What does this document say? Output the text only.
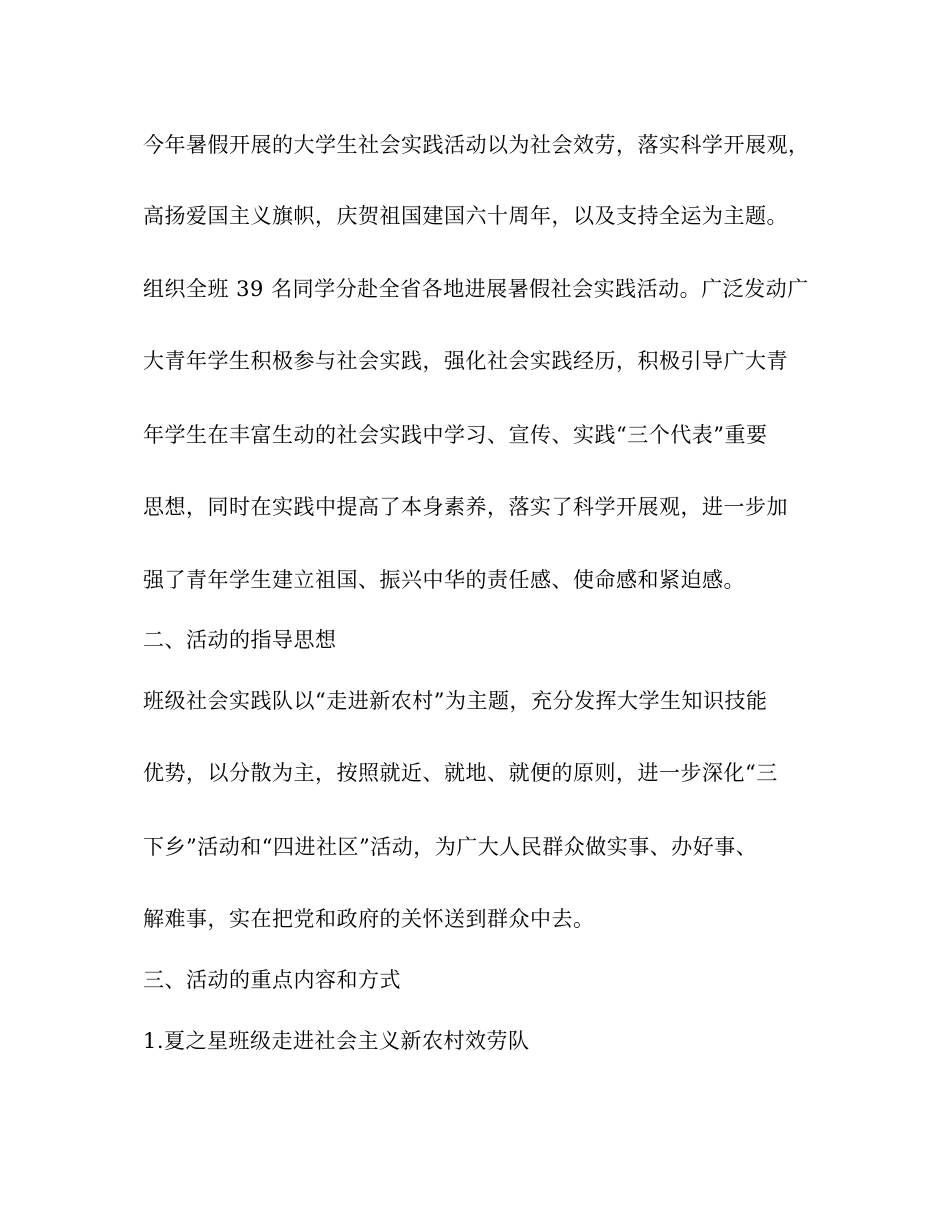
今年暑假开展的大学生社会实践活动以为社会效劳，落实科学开展观，
高扬爱国主义旗帜，庆贺祖国建国六十周年，以及支持全运为主题。
组织全班 39 名同学分赴全省各地进展暑假社会实践活动。广泛发动广
大青年学生积极参与社会实践，强化社会实践经历，积极引导广大青
年学生在丰富生动的社会实践中学习、宣传、实践“三个代表”重要
思想，同时在实践中提高了本身素养，落实了科学开展观，进一步加
强了青年学生建立祖国、振兴中华的责任感、使命感和紧迫感。
二、活动的指导思想
班级社会实践队以“走进新农村”为主题，充分发挥大学生知识技能
优势，以分散为主，按照就近、就地、就便的原则，进一步深化“三
下乡”活动和“四进社区”活动，为广大人民群众做实事、办好事、
解难事，实在把党和政府的关怀送到群众中去。
三、活动的重点内容和方式
1.夏之星班级走进社会主义新农村效劳队
